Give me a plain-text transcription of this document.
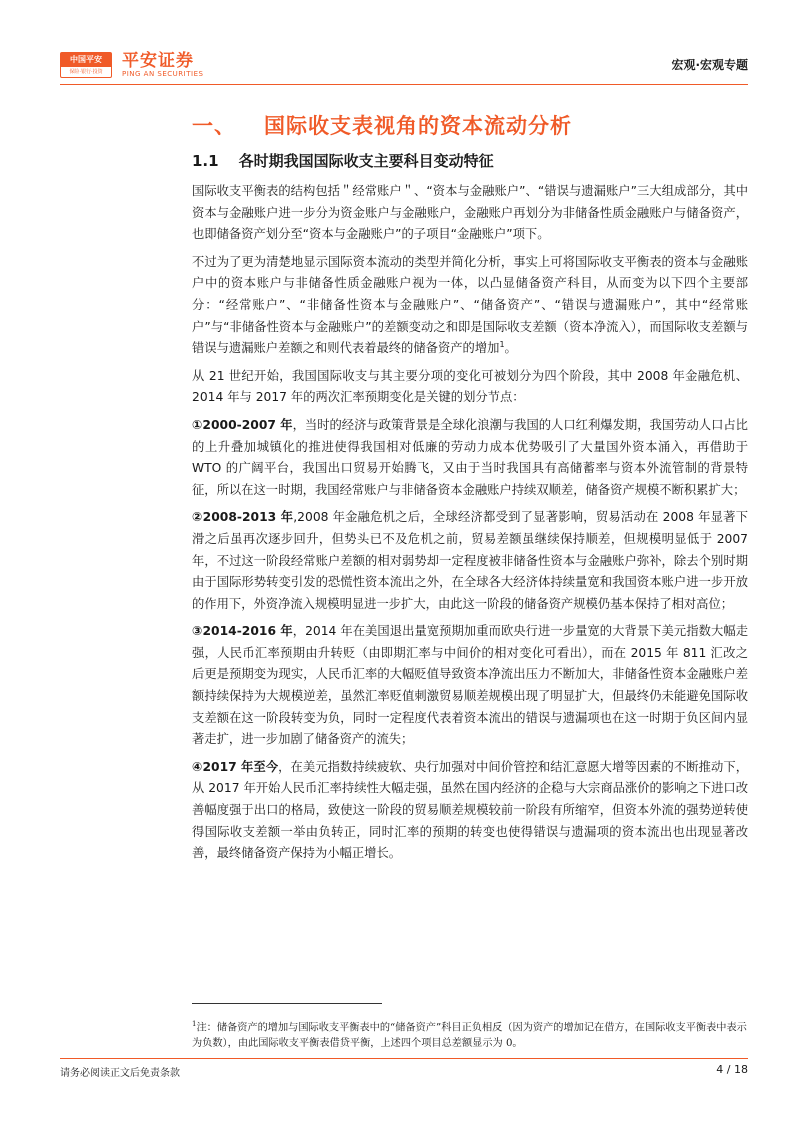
中国平安
保险·银行·投资
平安证券
PING AN SECURITIES
宏观·宏观专题
一、 国际收支表视角的资本流动分析
1.1 各时期我国国际收支主要科目变动特征

国际收支平衡表的结构包括＂经常账户＂、“资本与金融账户”、“错误与遗漏账户”三大组成部分，其中资本与金融账户进一步分为资金账户与金融账户，金融账户再划分为非储备性质金融账户与储备资产，也即储备资产划分至“资本与金融账户”的子项目“金融账户”项下。

不过为了更为清楚地显示国际资本流动的类型并简化分析，事实上可将国际收支平衡表的资本与金融账户中的资本账户与非储备性质金融账户视为一体，以凸显储备资产科目，从而变为以下四个主要部分：“经常账户”、“非储备性资本与金融账户”、“储备资产”、“错误与遗漏账户”，其中“经常账户”与“非储备性资本与金融账户”的差额变动之和即是国际收支差额（资本净流入），而国际收支差额与错误与遗漏账户差额之和则代表着最终的储备资产的增加$^1$。

从 21 世纪开始，我国国际收支与其主要分项的变化可被划分为四个阶段，其中 2008 年金融危机、2014 年与 2017 年的两次汇率预期变化是关键的划分节点：

①2000-2007 年，当时的经济与政策背景是全球化浪潮与我国的人口红利爆发期，我国劳动人口占比的上升叠加城镇化的推进使得我国相对低廉的劳动力成本优势吸引了大量国外资本涌入，再借助于 WTO 的广阔平台，我国出口贸易开始腾飞，又由于当时我国具有高储蓄率与资本外流管制的背景特征，所以在这一时期，我国经常账户与非储备资本金融账户持续双顺差，储备资产规模不断积累扩大；

②2008-2013 年,2008 年金融危机之后，全球经济都受到了显著影响，贸易活动在 2008 年显著下滑之后虽再次逐步回升，但势头已不及危机之前，贸易差额虽继续保持顺差，但规模明显低于 2007 年，不过这一阶段经常账户差额的相对弱势却一定程度被非储备性资本与金融账户弥补，除去个别时期由于国际形势转变引发的恐慌性资本流出之外，在全球各大经济体持续量宽和我国资本账户进一步开放的作用下，外资净流入规模明显进一步扩大，由此这一阶段的储备资产规模仍基本保持了相对高位；

③2014-2016 年，2014 年在美国退出量宽预期加重而欧央行进一步量宽的大背景下美元指数大幅走强，人民币汇率预期由升转贬（由即期汇率与中间价的相对变化可看出），而在 2015 年 811 汇改之后更是预期变为现实，人民币汇率的大幅贬值导致资本净流出压力不断加大，非储备性资本金融账户差额持续保持为大规模逆差，虽然汇率贬值刺激贸易顺差规模出现了明显扩大，但最终仍未能避免国际收支差额在这一阶段转变为负，同时一定程度代表着资本流出的错误与遗漏项也在这一时期于负区间内显著走扩，进一步加剧了储备资产的流失；

④2017 年至今，在美元指数持续疲软、央行加强对中间价管控和结汇意愿大增等因素的不断推动下，从 2017 年开始人民币汇率持续性大幅走强，虽然在国内经济的企稳与大宗商品涨价的影响之下进口改善幅度强于出口的格局，致使这一阶段的贸易顺差规模较前一阶段有所缩窄，但资本外流的强势逆转使得国际收支差额一举由负转正，同时汇率的预期的转变也使得错误与遗漏项的资本流出也出现显著改善，最终储备资产保持为小幅正增长。

$^1$注：储备资产的增加与国际收支平衡表中的“储备资产”科目正负相反（因为资产的增加记在借方，在国际收支平衡表中表示为负数），由此国际收支平衡表借贷平衡，上述四个项目总差额显示为 0。
请务必阅读正文后免责条款	4 / 18
